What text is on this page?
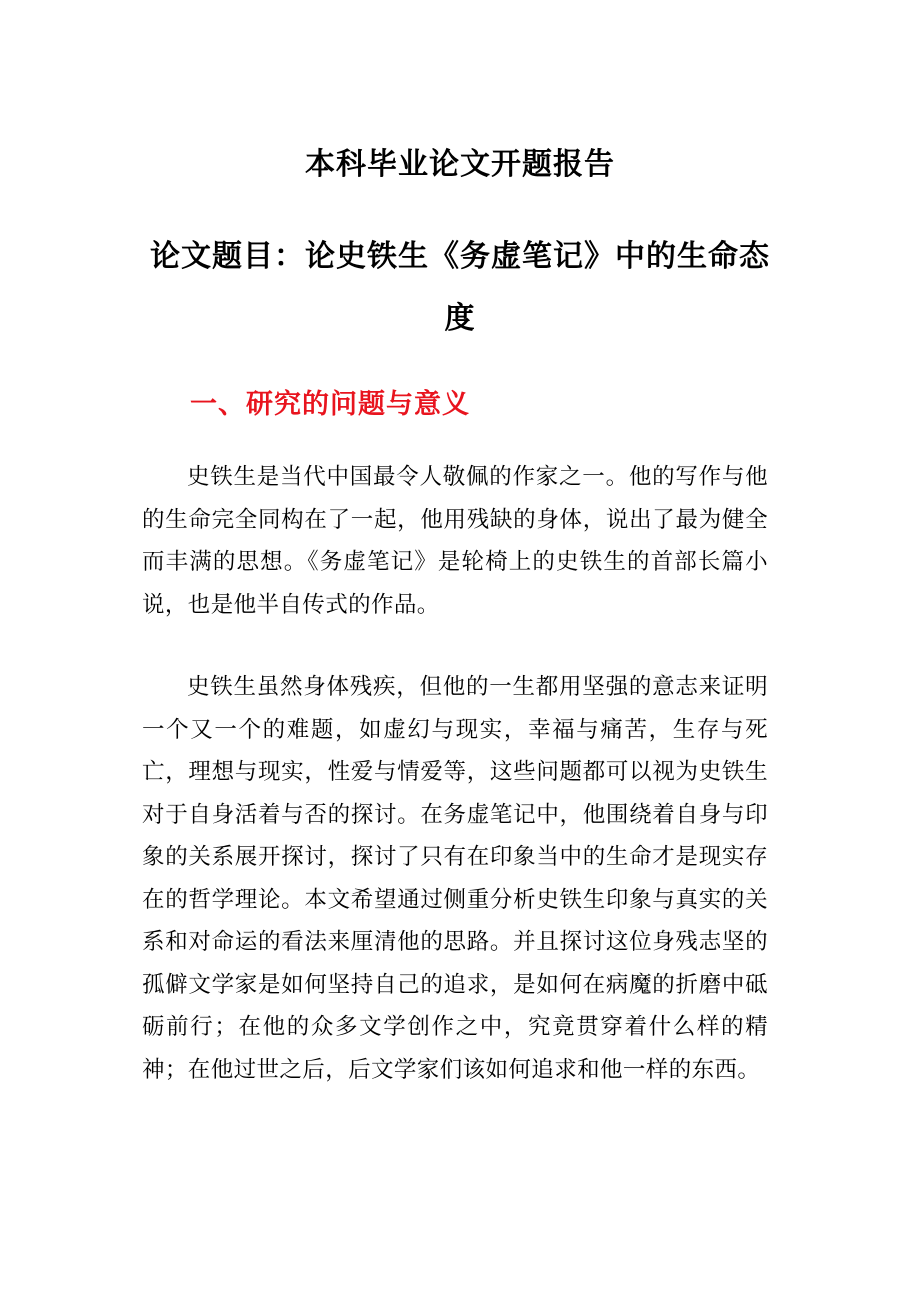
本科毕业论文开题报告
论文题目：论史铁生《务虚笔记》中的生命态度
一、研究的问题与意义

史铁生是当代中国最令人敬佩的作家之一。他的写作与他的生命完全同构在了一起，他用残缺的身体，说出了最为健全而丰满的思想。《务虚笔记》是轮椅上的史铁生的首部长篇小说，也是他半自传式的作品。

史铁生虽然身体残疾，但他的一生都用坚强的意志来证明一个又一个的难题，如虚幻与现实，幸福与痛苦，生存与死亡，理想与现实，性爱与情爱等，这些问题都可以视为史铁生对于自身活着与否的探讨。在务虚笔记中，他围绕着自身与印象的关系展开探讨，探讨了只有在印象当中的生命才是现实存在的哲学理论。本文希望通过侧重分析史铁生印象与真实的关系和对命运的看法来厘清他的思路。并且探讨这位身残志坚的孤僻文学家是如何坚持自己的追求，是如何在病魔的折磨中砥砺前行；在他的众多文学创作之中，究竟贯穿着什么样的精神；在他过世之后，后文学家们该如何追求和他一样的东西。
